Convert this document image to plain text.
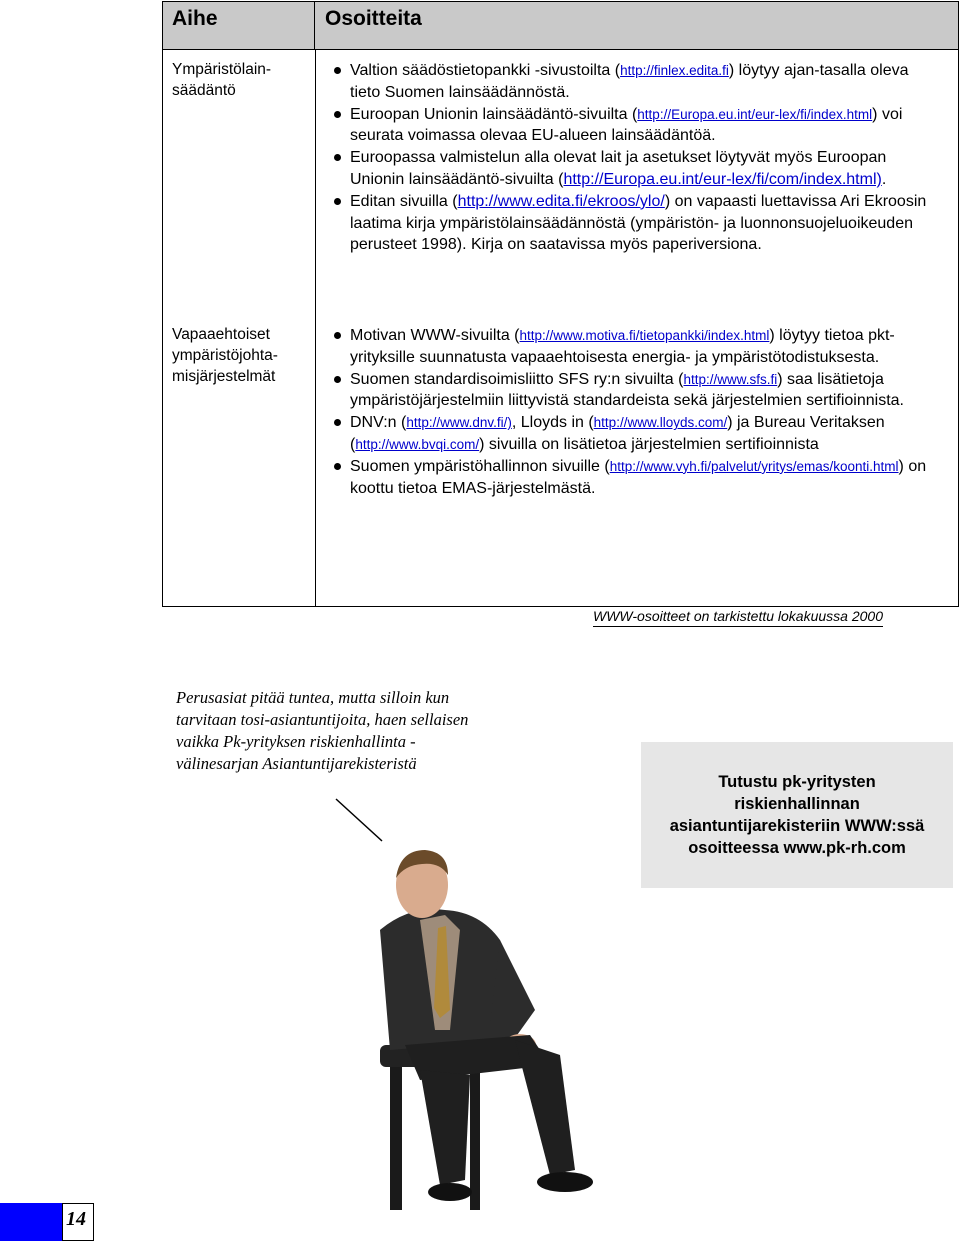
Aihe	Osoitteita
Ympäristölain-
säädäntö
Valtion säädöstietopankki -sivustoilta (http://finlex.edita.fi) löytyy ajan-tasalla oleva tieto Suomen lainsäädännöstä.
Euroopan Unionin lainsäädäntö-sivuilta (http://Europa.eu.int/eur-lex/fi/index.html) voi seurata voimassa olevaa EU-alueen lainsäädäntöä.
Euroopassa valmistelun alla olevat lait ja asetukset löytyvät myös Euroopan Unionin lainsäädäntö-sivuilta (http://Europa.eu.int/eur-lex/fi/com/index.html).
Editan sivuilla (http://www.edita.fi/ekroos/ylo/) on vapaasti luettavissa Ari Ekroosin laatima kirja ympäristölainsäädännöstä (ympäristön- ja luonnonsuojeluoikeuden perusteet 1998). Kirja on saatavissa myös paperiversiona.
Vapaaehtoiset
ympäristöjohta-
misjärjestelmät
Motivan WWW-sivuilta (http://www.motiva.fi/tietopankki/index.html) löytyy tietoa pkt-yrityksille suunnatusta vapaaehtoisesta energia- ja ympäristötodistuksesta.
Suomen standardisoimisliitto SFS ry:n sivuilta (http://www.sfs.fi) saa lisätietoja ympäristöjärjestelmiin liittyvistä standardeista sekä järjestelmien sertifioinnista.
DNV:n (http://www.dnv.fi/), Lloyds in (http://www.lloyds.com/) ja Bureau Veritaksen (http://www.bvqi.com/) sivuilla on lisätietoa järjestelmien sertifioinnista
Suomen ympäristöhallinnon sivuille (http://www.vyh.fi/palvelut/yritys/emas/koonti.html) on koottu tietoa EMAS-järjestelmästä.
WWW-osoitteet on tarkistettu lokakuussa 2000
Perusasiat pitää tuntea, mutta silloin kun tarvitaan tosi-asiantuntijoita, haen sellaisen vaikka Pk-yrityksen riskienhallinta -välinesarjan Asiantuntijarekisteristä
Tutustu pk-yritysten riskienhallinnan asiantuntijarekisteriin WWW:ssä osoitteessa www.pk-rh.com
14
